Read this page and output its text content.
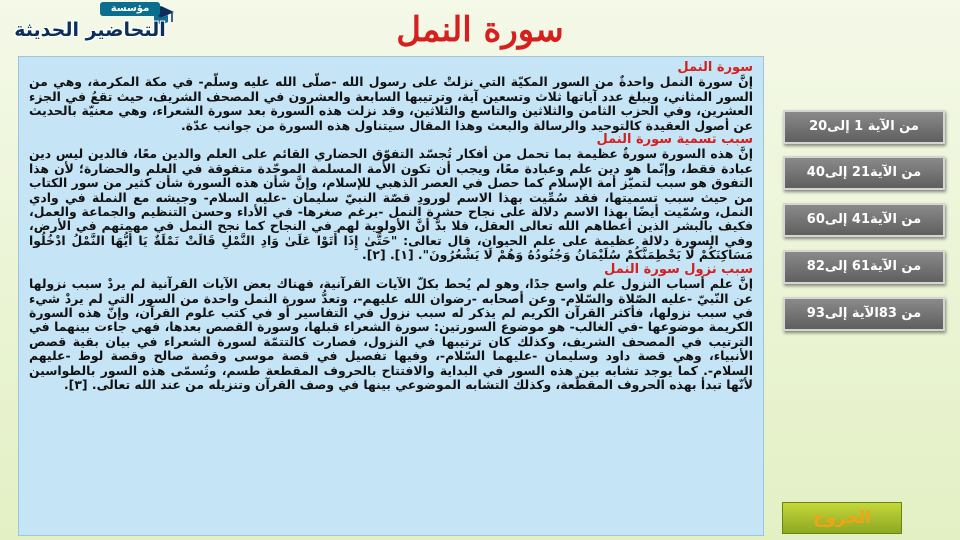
مؤسسة
التحاضير الحديثة	سورة النمل
سورة النمل

إنَّ سورة النمل واحدةٌ من السور المكيّة التي نزلتْ على رسول الله -صلّى الله عليه وسلّم- في مكة المكرمة، وهي من السور المثاني، ويبلغ عدد آياتها ثلاث وتسعين آية، وترتيبها السابعة والعشرون في المصحف الشريف، حيث تقعُ في الجزء العشرين، وفي الحزب الثامن والثلاثين والتاسع والثلاثين، وقد نزلت هذه السورة بعد سورة الشعراء، وهي معنيّة بالحديث عن أصول العقيدة كالتوحيد والرسالة والبعث وهذا المقال سيتناول هذه السورة من جوانب عدّة.

سبب تسمية سورة النمل

إنَّ هذه السورة سورةٌ عظيمة بما تحمل من أفكار تُجسّد التفوّق الحضاري القائم على العلم والدين معًا، فالدين ليس دين عبادة فقط، وإنّما هو دين علم وعبادة معًا، ويجب أن تكون الأمة المسلمة الموحّدة متفوقة في العلم والحضارة؛ لأن هذا التفوق هو سبب لتميّز أمة الإسلام كما حصل في العصر الذهبي للإسلام، وإنَّ شأن هذه السورة شأن كثير من سور الكتاب من حيث سبب تسميتها، فقد سُمِّيت بهذا الاسم لورودِ قصّة النبيّ سليمان -عليه السلام- وجيشه مع النملة في وادي النمل، وسُمّيت أيضًا بهذا الاسم دلالة على نجاح حشرة النمل -برغم صغرها- في الأداء وحسن التنظيم والجماعة والعمل، فكيف بالبشر الذين أعطاهم الله تعالى العقل، فلا بدَّ أنَّ الأولوية لهم في النجاح كما نجح النمل في مهمتهم في الأرض، وفي السورة دلالة عظيمة على علم الحيوان، قال تعالى: "حَتَّىٰ إِذَا أَتَوْا عَلَىٰ وَادِ النَّمْلِ قَالَتْ نَمْلَةٌ يَا أَيُّهَا النَّمْلُ ادْخُلُوا مَسَاكِنَكُمْ لَا يَحْطِمَنَّكُمْ سُلَيْمَانُ وَجُنُودُهُ وَهُمْ لَا يَشْعُرُونَ". [١]. [٢].

سبب نزول سورة النمل

إنَّ علم أسباب النزول علم واسع جدًا، وهو لم يُحط بكلّ الآيات القرآنية، فهناك بعض الآيات القرآنية لم يردْ سبب نزولها عن النّبيّ -عليه الصّلاة والسّلام- وعن أصحابه -رضوان الله عليهم-، وتعدُّ سورة النمل واحدة من السور التي لم يردْ شيء في سبب نزولها، فأكثر القرآن الكريم لم يذكر له سبب نزول في التفاسير أو في كتب علوم القرآن، وإنّ هذه السورة الكريمة موضوعها -في الغالب- هو موضوع السورتين: سورة الشعراء قبلها، وسورة القصص بعدها، فهي جاءت بينهما في الترتيب في المصحف الشريف، وكذلك كان ترتيبها في النزول، فصارت كالتتمّة لسورة الشعراء في بيان بقية قصص الأنبياء، وهي قصة داود وسليمان -عليهما السّلام-، وفيها تفصيل في قصة موسى وقصة صالح وقصة لوط -عليهم السلام-. كما يوجد تشابه بين هذه السور في البداية والافتتاح بالحروف المقطعة طسم، وتُسمّى هذه السور بالطواسين لأنّها تبدأ بهذه الحروف المقطّعة، وكذلك التشابه الموضوعي بينها في وصف القرآن وتنزيله من عند الله تعالى. [٣].

من الآية 1 إلى20
من الآية21 إلى40
من الآية41 إلى60
من الآية61 إلى82
من 83الآية إلى93
الخروج
